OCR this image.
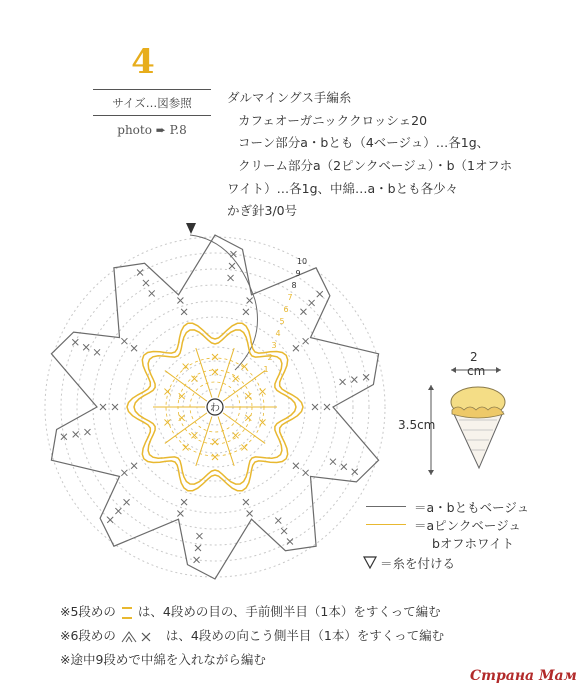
4
サイズ…図参照
photo ➨ P.8
ダルマイングス手編糸
カフェオーガニッククロッシェ20
コーン部分a・bとも（4ベージュ）…各1g、
クリーム部分a（2ピンクベージュ）・b（1オフホ
ワイト）…各1g、中綿…a・bとも各少々
かぎ針3/0号
10
9
8
7
6
5
4
3
2
1
わ
2
cm
3.5cm
＝a・bともベージュ
＝aピンクベージュ
bオフホワイト
＝糸を付ける
※5段めの は、4段めの目の、手前側半目（1本）をすくって編む
※6段めの	は、4段めの向こう側半目（1本）をすくって編む
※途中9段めで中綿を入れながら編む
Страна Мам
